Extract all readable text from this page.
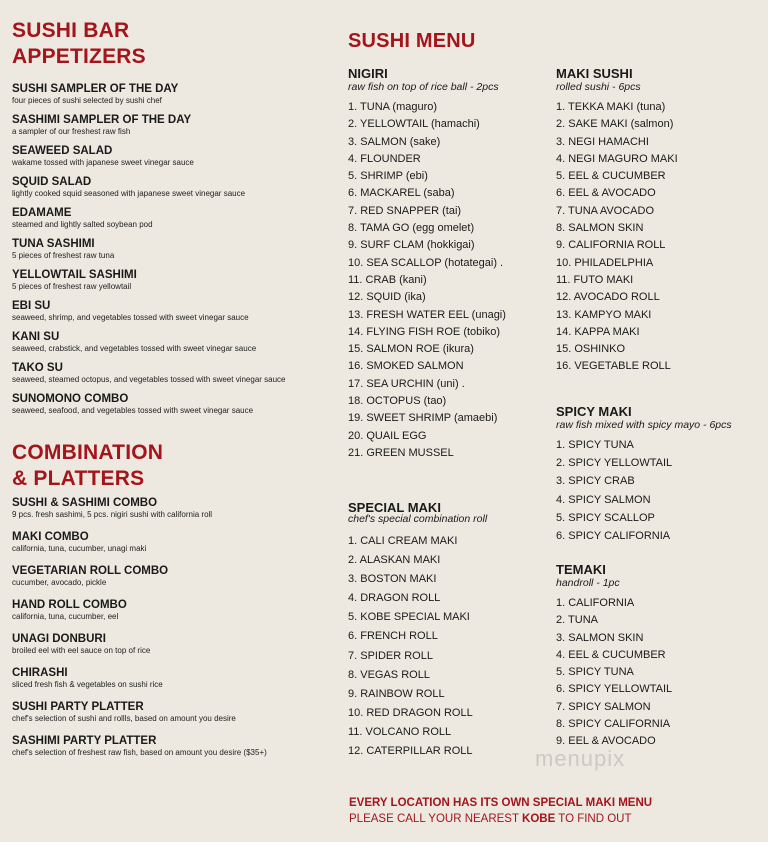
SUSHI BAR
APPETIZERS
SUSHI SAMPLER OF THE DAY
four pieces of sushi selected by sushi chef
SASHIMI SAMPLER OF THE DAY
a sampler of our freshest raw fish
SEAWEED SALAD
wakame tossed with japanese sweet vinegar sauce
SQUID SALAD
lightly cooked squid seasoned with japanese sweet vinegar sauce
EDAMAME
steamed and lightly salted soybean pod
TUNA SASHIMI
5 pieces of freshest raw tuna
YELLOWTAIL SASHIMI
5 pieces of freshest raw yellowtail
EBI SU
seaweed, shrimp, and vegetables tossed with sweet vinegar sauce
KANI SU
seaweed, crabstick, and vegetables tossed with sweet vinegar sauce
TAKO SU
seaweed, steamed octopus, and vegetables tossed with sweet vinegar sauce
SUNOMONO COMBO
seaweed, seafood, and vegetables tossed with sweet vinegar sauce
COMBINATION
& PLATTERS
SUSHI & SASHIMI COMBO
9 pcs. fresh sashimi, 5 pcs. nigiri sushi with california roll
MAKI COMBO
california, tuna, cucumber, unagi maki
VEGETARIAN ROLL COMBO
cucumber, avocado, pickle
HAND ROLL COMBO
california, tuna, cucumber, eel
UNAGI DONBURI
broiled eel with eel sauce on top of rice
CHIRASHI
sliced fresh fish & vegetables on sushi rice
SUSHI PARTY PLATTER
chef's selection of sushi and rollls, based on amount you desire
SASHIMI PARTY PLATTER
chef's selection of freshest raw fish, based on amount you desire ($35+)
SUSHI MENU
NIGIRI
raw fish on top of rice ball - 2pcs
1. TUNA (maguro)
2. YELLOWTAIL (hamachi)
3. SALMON (sake)
4. FLOUNDER
5. SHRIMP (ebi)
6. MACKAREL (saba)
7. RED SNAPPER (tai)
8. TAMA GO (egg omelet)
9. SURF CLAM (hokkigai)
10. SEA SCALLOP (hotategai) .
11. CRAB (kani)
12. SQUID (ika)
13. FRESH WATER EEL (unagi)
14. FLYING FISH ROE (tobiko)
15. SALMON ROE (ikura)
16. SMOKED SALMON
17. SEA URCHIN (uni) .
18. OCTOPUS (tao)
19. SWEET SHRIMP (amaebi)
20. QUAIL EGG
21. GREEN MUSSEL
SPECIAL MAKI
chef's special combination roll
1. CALI CREAM MAKI
2. ALASKAN MAKI
3. BOSTON MAKI
4. DRAGON ROLL
5. KOBE SPECIAL MAKI
6. FRENCH ROLL
7. SPIDER ROLL
8. VEGAS ROLL
9. RAINBOW ROLL
10. RED DRAGON ROLL
11. VOLCANO ROLL
12. CATERPILLAR ROLL
MAKI SUSHI
rolled sushi - 6pcs
1. TEKKA MAKI (tuna)
2. SAKE MAKI (salmon)
3. NEGI HAMACHI
4. NEGI MAGURO MAKI
5. EEL & CUCUMBER
6. EEL & AVOCADO
7. TUNA AVOCADO
8. SALMON SKIN
9. CALIFORNIA ROLL
10. PHILADELPHIA
11. FUTO MAKI
12. AVOCADO ROLL
13. KAMPYO MAKI
14. KAPPA MAKI
15. OSHINKO
16. VEGETABLE ROLL
SPICY MAKI
raw fish mixed with spicy mayo - 6pcs
1. SPICY TUNA
2. SPICY YELLOWTAIL
3. SPICY CRAB
4. SPICY SALMON
5. SPICY SCALLOP
6. SPICY CALIFORNIA
TEMAKI
handroll - 1pc
1. CALIFORNIA
2. TUNA
3. SALMON SKIN
4. EEL & CUCUMBER
5. SPICY TUNA
6. SPICY YELLOWTAIL
7. SPICY SALMON
8. SPICY CALIFORNIA
9. EEL & AVOCADO
menupix
EVERY LOCATION HAS ITS OWN SPECIAL MAKI MENU
PLEASE CALL YOUR NEAREST KOBE TO FIND OUT
